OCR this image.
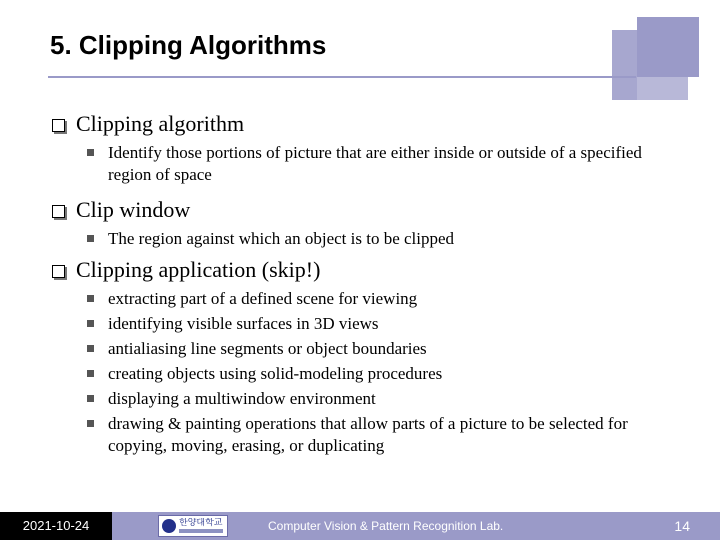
5. Clipping Algorithms
Clipping algorithm
Identify those portions of picture that are either inside or outside of a specified region of space
Clip window
The region against which an object is to be clipped
Clipping application (skip!)
extracting part of a defined scene for viewing
identifying visible surfaces in 3D views
antialiasing line segments or object boundaries
creating objects using solid-modeling procedures
displaying a multiwindow environment
drawing & painting operations that allow parts of a picture to be selected for copying, moving, erasing, or duplicating
2021-10-24	한양대학교	Computer Vision & Pattern Recognition Lab.	14
